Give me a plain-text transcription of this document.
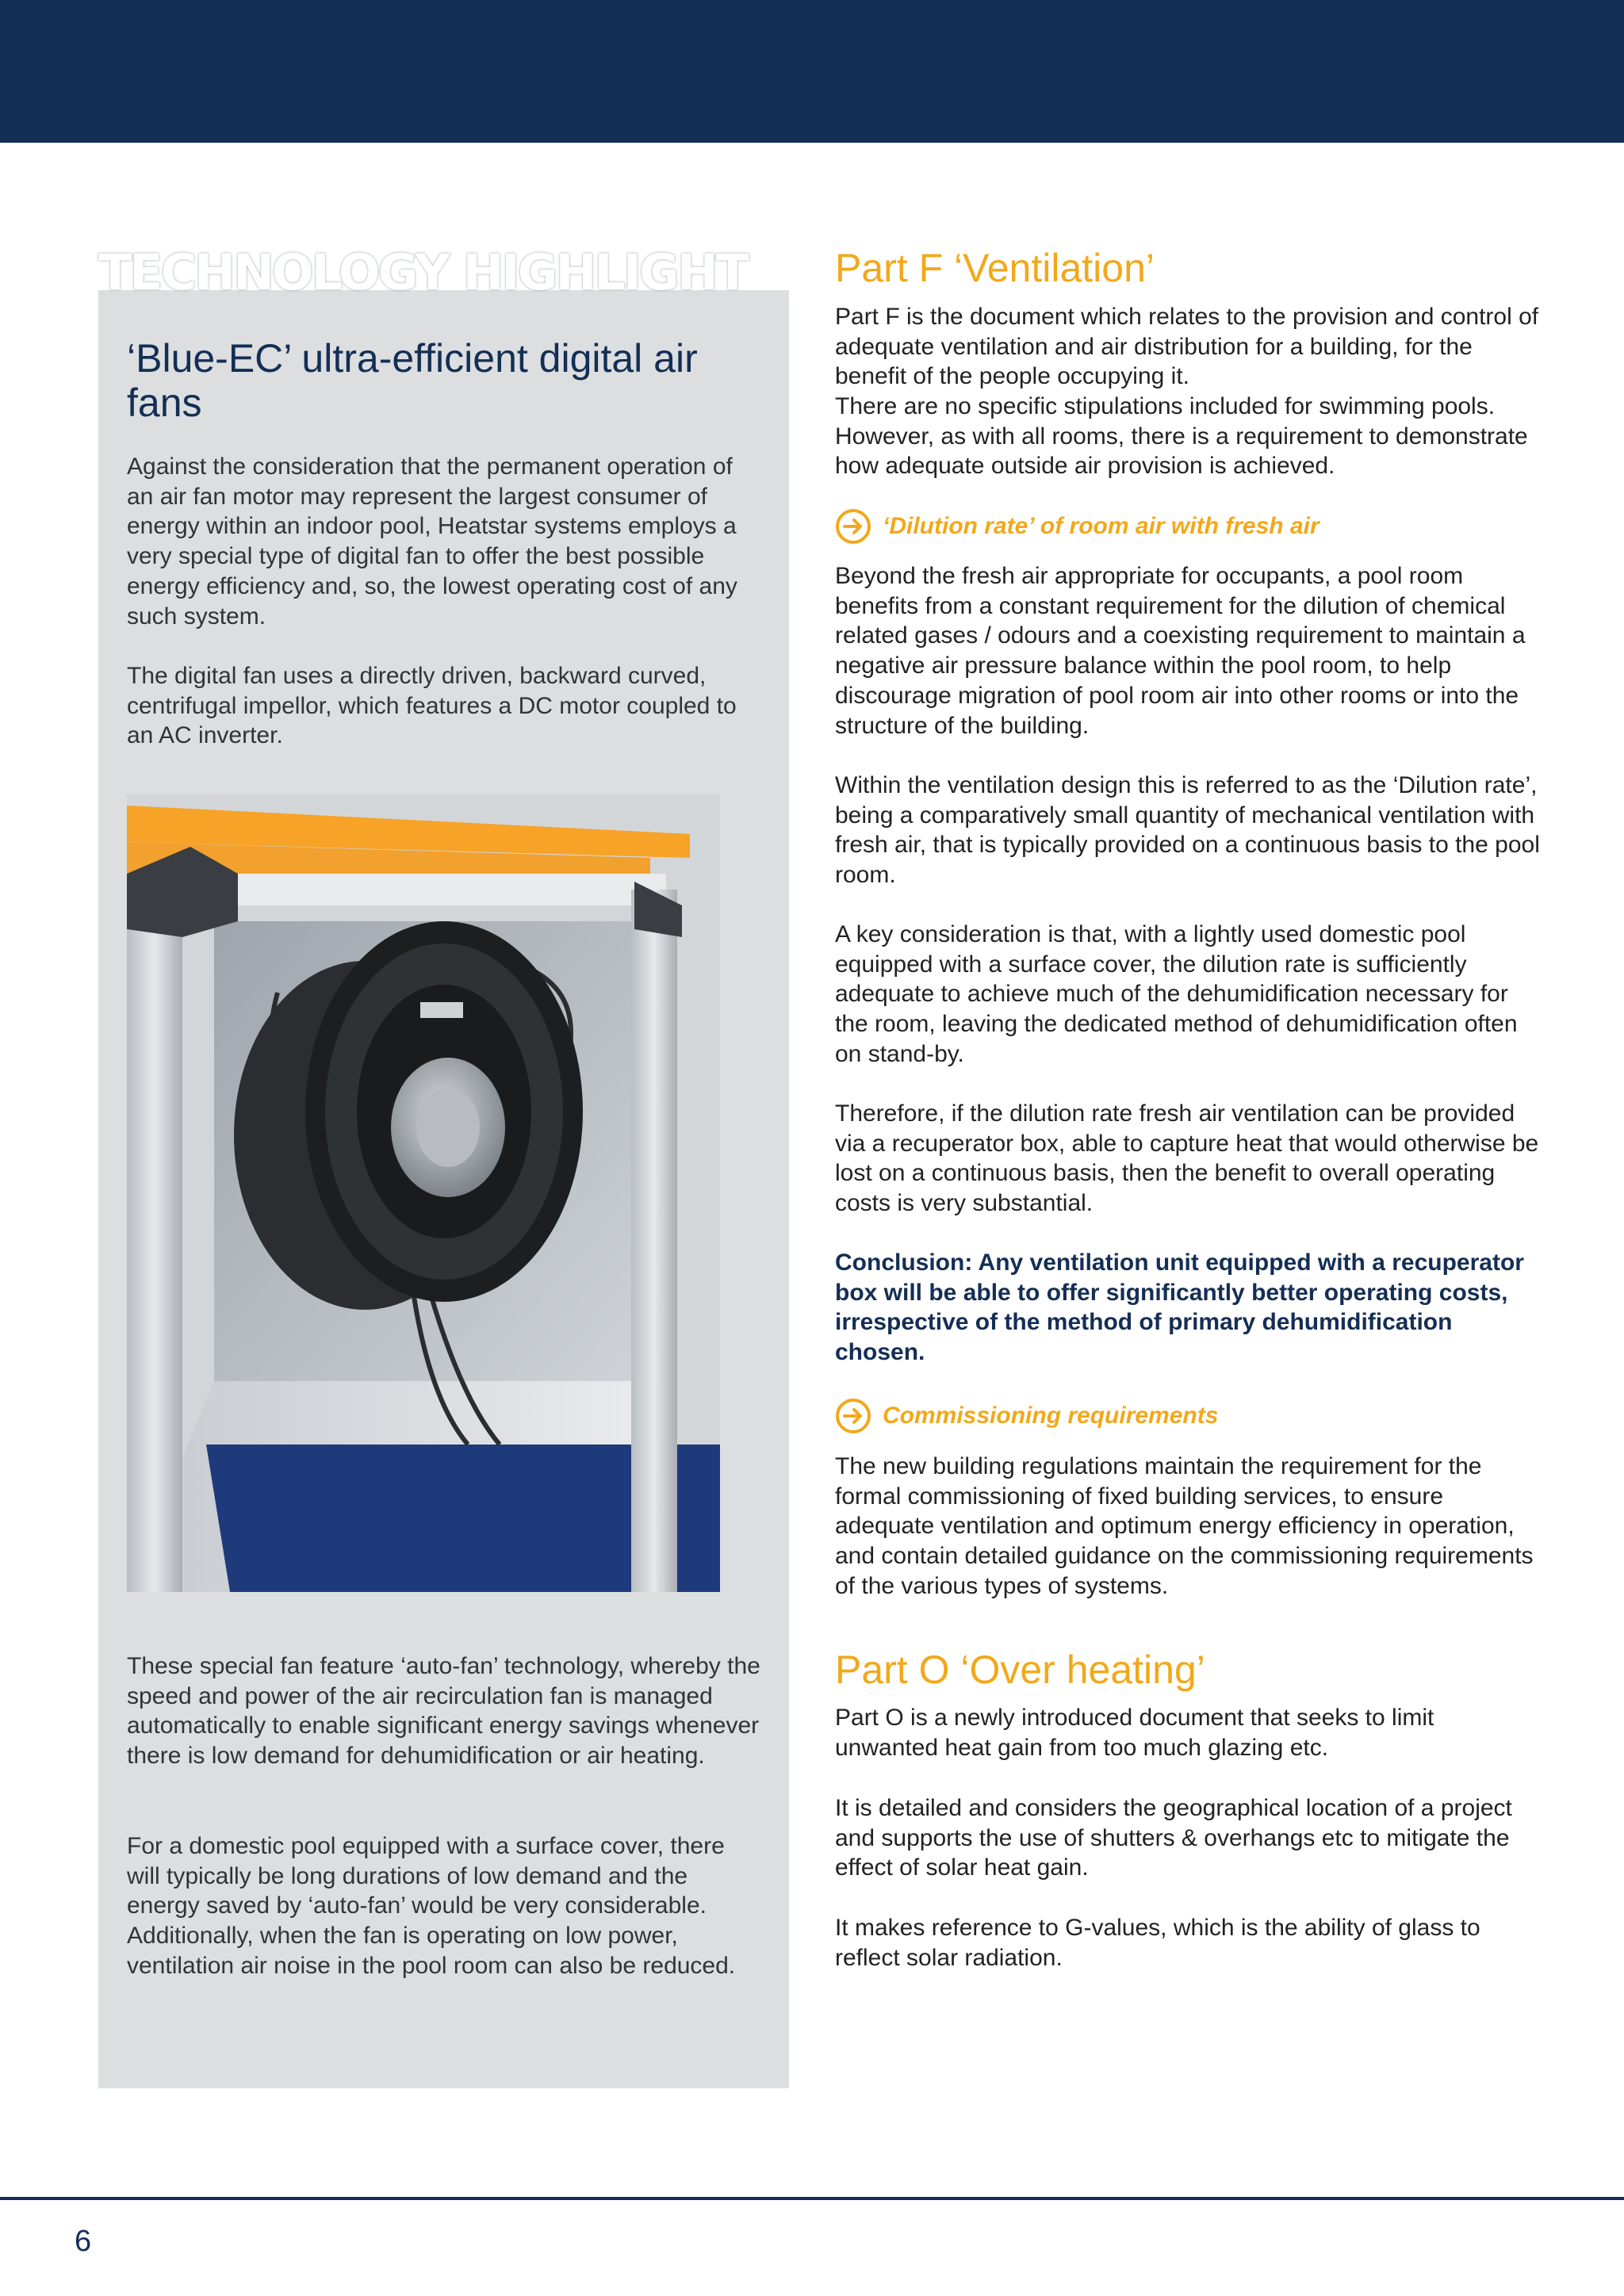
TECHNOLOGY HIGHLIGHT
‘Blue-EC’ ultra-efficient digital air fans

Against the consideration that the permanent operation of an air fan motor may represent the largest consumer of energy within an indoor pool, Heatstar systems employs a very special type of digital fan to offer the best possible energy efficiency and, so, the lowest operating cost of any such system.

The digital fan uses a directly driven, backward curved, centrifugal impellor, which features a DC motor coupled to an AC inverter.

These special fan feature ‘auto-fan’ technology, whereby the speed and power of the air recirculation fan is managed automatically to enable significant energy savings whenever there is low demand for dehumidification or air heating.

For a domestic pool equipped with a surface cover, there will typically be long durations of low demand and the energy saved by ‘auto-fan’ would be very considerable. Additionally, when the fan is operating on low power, ventilation air noise in the pool room can also be reduced.

Part F ‘Ventilation’

Part F is the document which relates to the provision and control of adequate ventilation and air distribution for a building, for the benefit of the people occupying it.

There are no specific stipulations included for swimming pools. However, as with all rooms, there is a requirement to demonstrate how adequate outside air provision is achieved.

‘Dilution rate’ of room air with fresh air

Beyond the fresh air appropriate for occupants, a pool room benefits from a constant requirement for the dilution of chemical related gases / odours and a coexisting requirement to maintain a negative air pressure balance within the pool room, to help discourage migration of pool room air into other rooms or into the structure of the building.

Within the ventilation design this is referred to as the ‘Dilution rate’, being a comparatively small quantity of mechanical ventilation with fresh air, that is typically provided on a continuous basis to the pool room.

A key consideration is that, with a lightly used domestic pool equipped with a surface cover, the dilution rate is sufficiently adequate to achieve much of the dehumidification necessary for the room, leaving the dedicated method of dehumidification often on stand-by.

Therefore, if the dilution rate fresh air ventilation can be provided via a recuperator box, able to capture heat that would otherwise be lost on a continuous basis, then the benefit to overall operating costs is very substantial.

Conclusion: Any ventilation unit equipped with a recuperator box will be able to offer significantly better operating costs, irrespective of the method of primary dehumidification chosen.

Commissioning requirements

The new building regulations maintain the requirement for the formal commissioning of fixed building services, to ensure adequate ventilation and optimum energy efficiency in operation, and contain detailed guidance on the commissioning requirements of the various types of systems.

Part O ‘Over heating’

Part O is a newly introduced document that seeks to limit unwanted heat gain from too much glazing etc.

It is detailed and considers the geographical location of a project and supports the use of shutters & overhangs etc to mitigate the effect of solar heat gain.

It makes reference to G-values, which is the ability of glass to reflect solar radiation.

6
